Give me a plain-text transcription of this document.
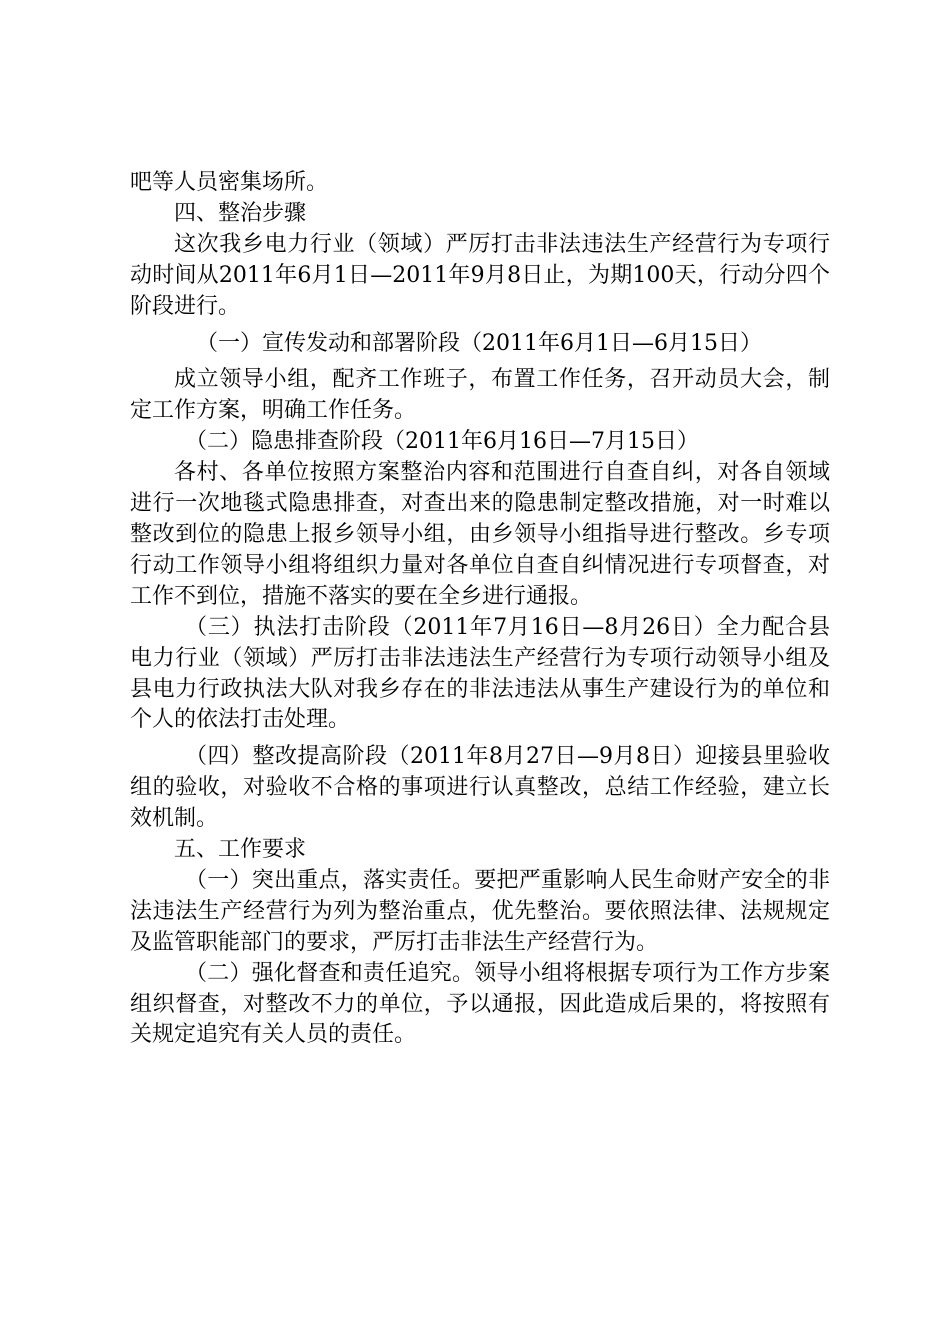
吧等人员密集场所。

四、整治步骤

这次我乡电力行业（领域）严厉打击非法违法生产经营行为专项行动时间从2011年6月1日—2011年9月8日止，为期100天，行动分四个阶段进行。

（一）宣传发动和部署阶段（2011年6月1日—6月15日）

成立领导小组，配齐工作班子，布置工作任务，召开动员大会，制定工作方案，明确工作任务。

（二）隐患排查阶段（2011年6月16日—7月15日）

各村、各单位按照方案整治内容和范围进行自查自纠，对各自领域进行一次地毯式隐患排查，对查出来的隐患制定整改措施，对一时难以整改到位的隐患上报乡领导小组，由乡领导小组指导进行整改。乡专项行动工作领导小组将组织力量对各单位自查自纠情况进行专项督查，对工作不到位，措施不落实的要在全乡进行通报。

（三）执法打击阶段（2011年7月16日—8月26日）全力配合县电力行业（领域）严厉打击非法违法生产经营行为专项行动领导小组及县电力行政执法大队对我乡存在的非法违法从事生产建设行为的单位和个人的依法打击处理。

（四）整改提高阶段（2011年8月27日—9月8日）迎接县里验收组的验收，对验收不合格的事项进行认真整改，总结工作经验，建立长效机制。

五、工作要求

（一）突出重点，落实责任。要把严重影响人民生命财产安全的非法违法生产经营行为列为整治重点，优先整治。要依照法律、法规规定及监管职能部门的要求，严厉打击非法生产经营行为。

（二）强化督查和责任追究。领导小组将根据专项行为工作方步案组织督查，对整改不力的单位，予以通报，因此造成后果的，将按照有关规定追究有关人员的责任。
